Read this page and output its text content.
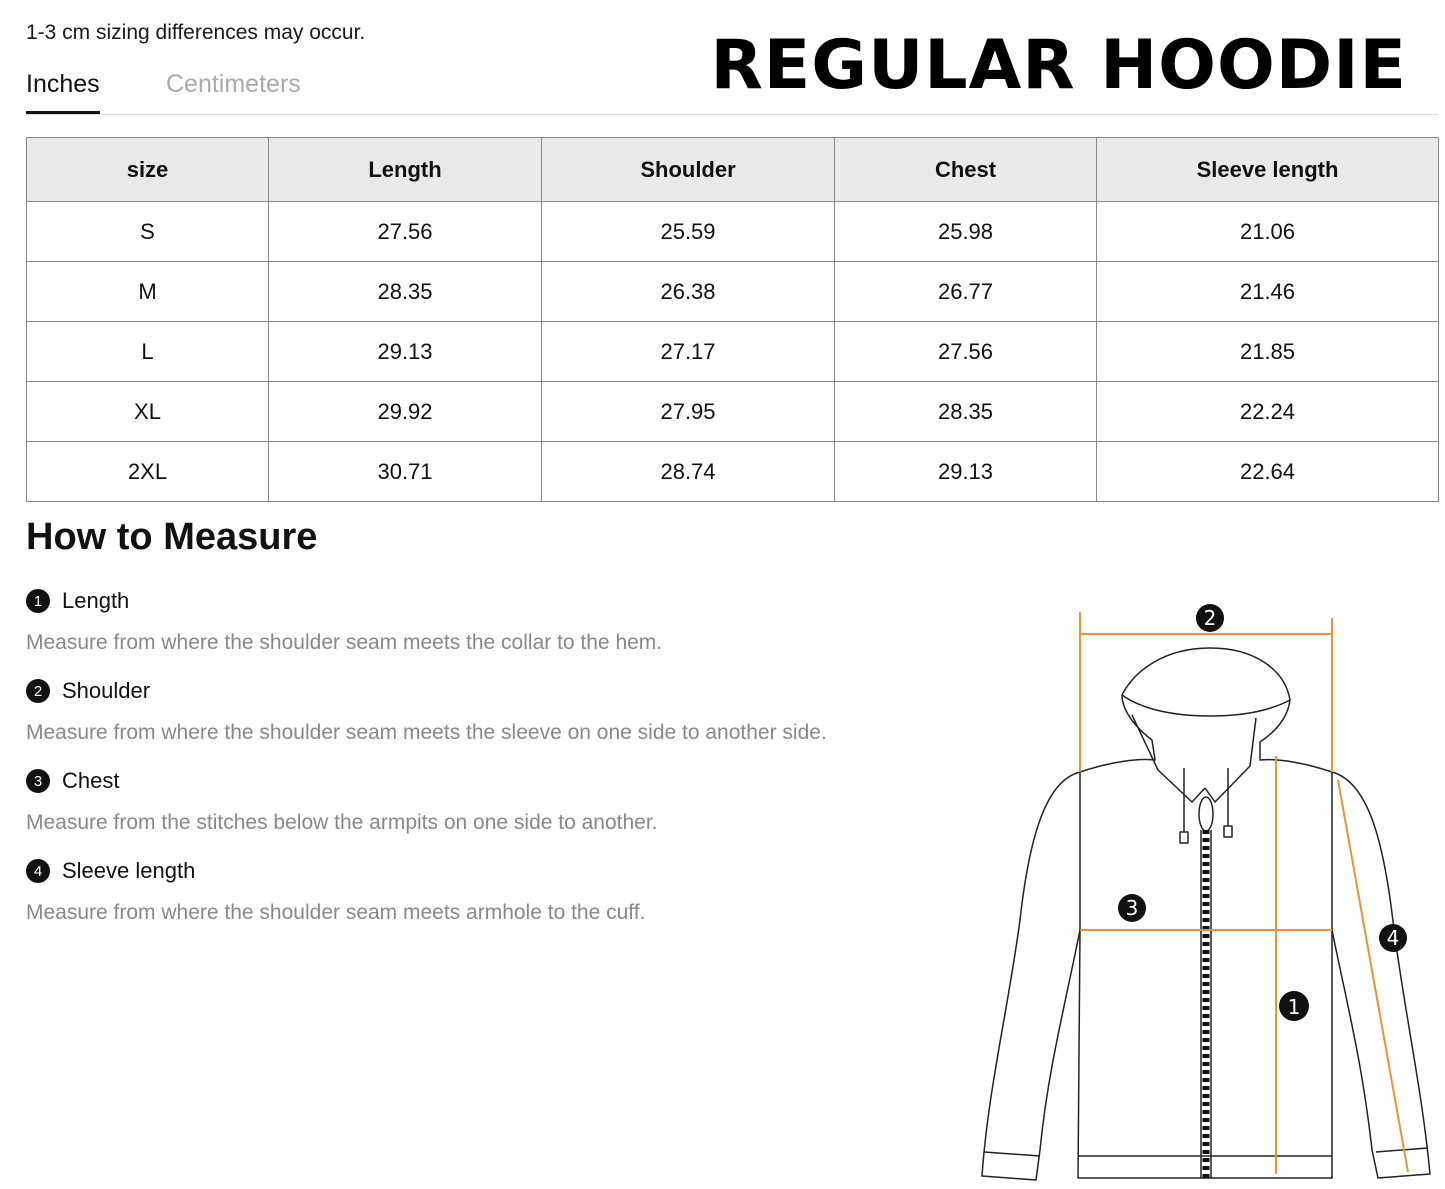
1-3 cm sizing differences may occur.	REGULAR HOODIE
Inches	Centimeters
size	Length	Shoulder	Chest	Sleeve length
S	27.56	25.59	25.98	21.06
M	28.35	26.38	26.77	21.46
L	29.13	27.17	27.56	21.85
XL	29.92	27.95	28.35	22.24
2XL	30.71	28.74	29.13	22.64
How to Measure
1 Length
Measure from where the shoulder seam meets the collar to the hem.
2 Shoulder
Measure from where the shoulder seam meets the sleeve on one side to another side.
3 Chest
Measure from the stitches below the armpits on one side to another.
4 Sleeve length
Measure from where the shoulder seam meets armhole to the cuff.
2
3
1
4
